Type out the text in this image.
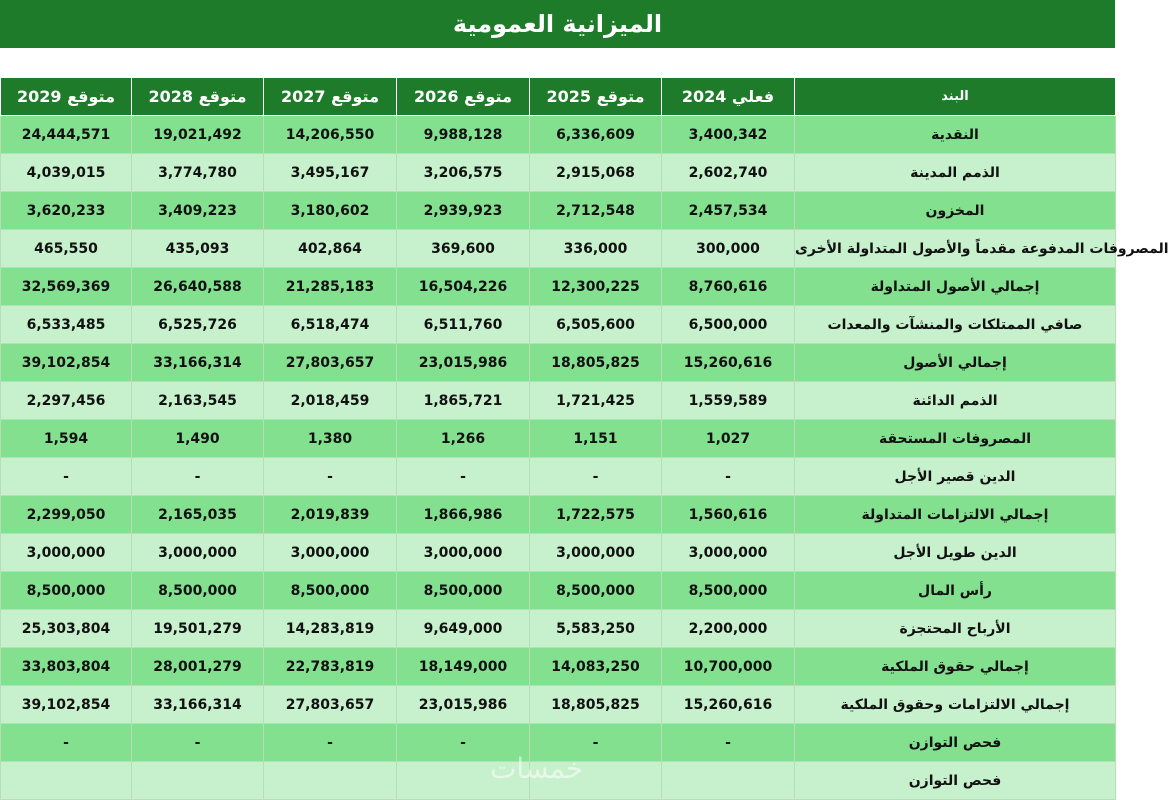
الميزانية العمومية
متوقع 2029	متوقع 2028	متوقع 2027	متوقع 2026	متوقع 2025	فعلي 2024	البند
24,444,571	19,021,492	14,206,550	9,988,128	6,336,609	3,400,342	النقدية
4,039,015	3,774,780	3,495,167	3,206,575	2,915,068	2,602,740	الذمم المدينة
3,620,233	3,409,223	3,180,602	2,939,923	2,712,548	2,457,534	المخزون
465,550	435,093	402,864	369,600	336,000	300,000	المصروفات المدفوعة مقدماً والأصول المتداولة الأخرى
32,569,369	26,640,588	21,285,183	16,504,226	12,300,225	8,760,616	إجمالي الأصول المتداولة
6,533,485	6,525,726	6,518,474	6,511,760	6,505,600	6,500,000	صافي الممتلكات والمنشآت والمعدات
39,102,854	33,166,314	27,803,657	23,015,986	18,805,825	15,260,616	إجمالي الأصول
2,297,456	2,163,545	2,018,459	1,865,721	1,721,425	1,559,589	الذمم الدائنة
1,594	1,490	1,380	1,266	1,151	1,027	المصروفات المستحقة
-	-	-	-	-	-	الدين قصير الأجل
2,299,050	2,165,035	2,019,839	1,866,986	1,722,575	1,560,616	إجمالي الالتزامات المتداولة
3,000,000	3,000,000	3,000,000	3,000,000	3,000,000	3,000,000	الدين طويل الأجل
8,500,000	8,500,000	8,500,000	8,500,000	8,500,000	8,500,000	رأس المال
25,303,804	19,501,279	14,283,819	9,649,000	5,583,250	2,200,000	الأرباح المحتجزة
33,803,804	28,001,279	22,783,819	18,149,000	14,083,250	10,700,000	إجمالي حقوق الملكية
39,102,854	33,166,314	27,803,657	23,015,986	18,805,825	15,260,616	إجمالي الالتزامات وحقوق الملكية
-	-	-	-	-	-	فحص التوازن
						فحص التوازن
خمسات
